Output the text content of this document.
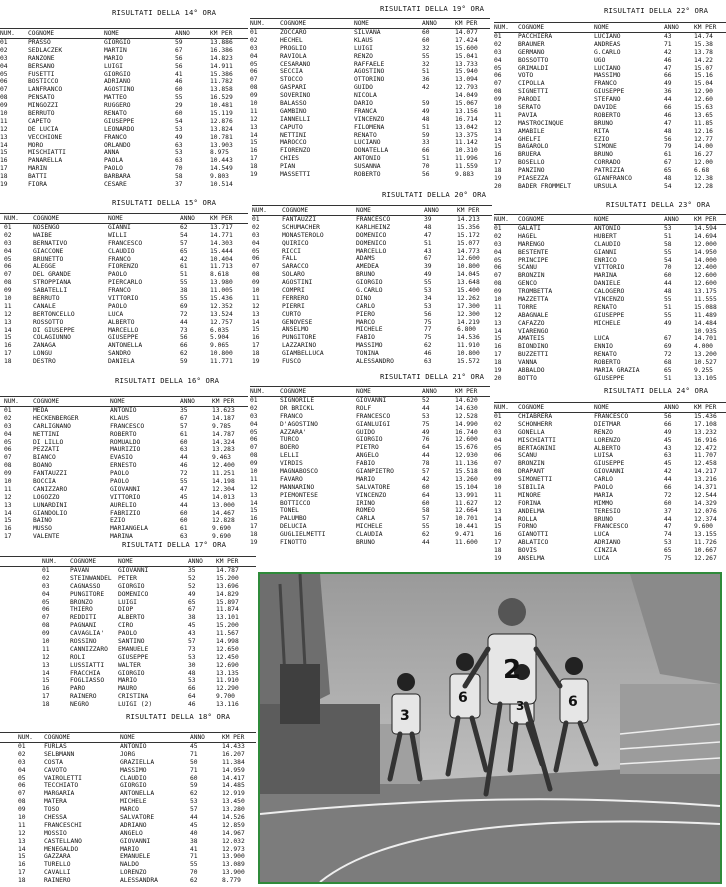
RISULTATI DELLA 14° ORA
NUM. COGNOME	NOME	ANNO	KM PER
01	PRASSO	GIORGIO	59	13.886
02	SEDLACZEK	MARTIN	67	16.386
03	RANZONE	MARIO	56	14.823
04	BERSANO	LUIGI	56	14.911
05	FUSETTI	GIORGIO	41	15.386
06	BOSTICCO	ADRIANO	46	11.782
07	LANFRANCO	AGOSTINO	60	13.858
08	PENSATO	MATTEO	55	16.529
09	MINGOZZI	RUGGERO	29	10.481
10	BERRUTO	RENATO	60	15.119
11	CAPETO	GIUSEPPE	54	12.876
12	DE LUCIA	LEONARDO	53	13.824
13	VECCHIONE	FRANCO	49	10.781
14	MORO	ORLANDO	63	13.903
15	MISCHIATTI	ANNA	53	8.975
16	PANARELLA	PAOLA	63	10.443
17	MARIN	PAOLO	70	14.549
18	BATTI	BARBARA	58	9.803
19	FIORA	CESARE	37	10.514
RISULTATI DELLA 15° ORA
NUM. COGNOME	NOME	ANNO KM PER
01	NOSENGO	GIANNI	62	13.717
02	WAIBE	WILLI	54	14.771
03	BERNATIVO	FRANCESCO	57	14.303
04	GIACCONE	CLAUDIO	65	15.444
05	BRUNETTO	FRANCO	42	10.404
06	ALEGGE	FIORENZO	61	11.713
07	DEL GRANDE	PAOLO	51	8.618
08	STROPPIANA	PIERCARLO	55	13.980
09	SABATELLI	FRANCO	38	11.005
10	BERRUTO	VITTORIO	55	15.436
11	CANALE	PAOLO	69	12.352
12	BERTONCELLO	LUCA	72	13.524
13	ROSSOTTO	ALBERTO	44	12.757
14	DI GIUSEPPE	MARCELLO	73	6.035
15	COLAGIUNNO	GIUSEPPE	56	5.904
16	ZANAGA	ANTONELLA	66	9.065
17	LONGU	SANDRO	62	10.800
18	DESTRO	DANIELA	59	11.771
RISULTATI DELLA 16° ORA
NUM. COGNOME	NOME	ANNO	KM PER
01	MEDA	ANTONIO	35	13.623
02	HECKENBERGER	KLAUS	67	14.187
03	CARLIGNANO	FRANCESCO	57	9.785
04	NETTINI	ROBERTO	61	14.787
05	DI LILLO	ROMUALDO	60	14.324
06	PEZZATI	MAURIZIO	63	13.283
07	BIANCO	EVASIO	44	9.463
08	BOANO	ERNESTO	46	12.400
09	FANTAUZZI	PAOLO	72	11.251
10	BOCCIA	PAOLO	55	14.198
11	CANIZZARO	GIOVANNI	47	12.304
12	LOGOZZO	VITTORIO	45	14.013
13	LUNARDINI	AURELIO	44	13.000
14	GIANDOLIO	FABRIZIO	60	14.467
15	BAINO	EZIO	60	12.828
16	MUSSO	MARIANGELA	61	9.690
17	VALENTE	MARINA	63	9.690
RISULTATI DELLA 17° ORA
NUM. COGNOME	NOME	ANNO KM PER
01	PAVAN	GIOVANNI	35	14.787
02	STEINWANDEL PETER	52	15.200
03	CAGNASSO	GIORGIO	52	13.696
04	PUNGITORE	DOMENICO	49	14.829
05	BRONZO	LUIGI	65	15.897
06	THIERO	DIOP	67	11.874
07	REDDITI	ALBERTO	38	13.101
08	PAGNANI	CIRO	45	15.200
09	CAVAGLIA'	PAOLO	43	11.567
10	ROSSINO	SANTINO	57	14.998
11	CANNIZZARO	EMANUELE	73	12.650
12	ROLI	GIUSEPPE	53	12.450
13	LUSSIATTI	WALTER	30	12.690
14	FRACCHIA	GIORGIO	48	13.135
15	FOGLIASSO	MARIO	53	11.910
16	PARO	MAURO	66	12.290
17	RAINERO	CRISTINA	64	9.700
18	NEGRO	LUIGI (2)	46	13.116
RISULTATI DELLA 18° ORA
NUM. COGNOME	NOME	ANNO	KM PER
01	FURLAS	ANTONIO	45	14.433
02	SELBMANN	JORG	71	16.207
03	COSTA	GRAZIELLA	50	11.384
04	CAVOTO	MASSIMO	71	14.959
05	VAIROLETTI	CLAUDIO	60	14.417
06	TECCHIATO	GIORGIO	59	14.485
07	MARGARIA	ANTONELLA	62	12.919
08	MATERA	MICHELE	53	13.450
09	TOSO	MARCO	57	13.280
10	CHESSA	SALVATORE	44	14.526
11	FRANCESCHI	ADRIANO	45	12.859
12	MOSSIO	ANGELO	40	14.967
13	CASTELLANO	GIOVANNI	38	12.032
14	MENEGALDO	MARIO	41	12.973
15	GAZZARA	EMANUELE	71	13.900
16	TURELLO	NALDO	55	13.089
17	CAVALLI	LORENZO	70	13.900
18	RAINERO	ALESSANDRA	62	8.779
RISULTATI DELLA 19° ORA
NUM. COGNOME	NOME	ANNO	KM PER
01	ZOCCARO	SILVANA	60	14.077
02	HECHEL	KLAUS	60	17.424
03	PROGLIO	LUIGI	32	15.600
04	RAVIOLA	RENZO	55	15.041
05	CESARANO	RAFFAELE	32	13.733
06	SECCIA	AGOSTINO	51	15.940
07	STOCCO	OTTORINO	36	13.094
08	GASPARI	GUIDO	42	12.793
09	SOVERINO	NICOLA	14.049
10	BALASSO	DARIO	59	15.067
11	GAMBINO	FRANCA	49	13.156
12	IANNELLI	VINCENZO	48	16.714
13	CAPUTO	FILOMENA	51	13.042
14	NETTINI	RENATO	59	13.375
15	MAROCCO	LUCIANO	33	11.142
16	FIORENZO	DONATELLA	66	10.310
17	CHIES	ANTONIO	51	11.996
18	PIAN	SUSANNA	70	11.559
19	MASSETTI	ROBERTO	56	9.883
RISULTATI DELLA 20° ORA
NUM. COGNOME	NOME	ANNO	KM PER
01	FANTAUZZI	FRANCESCO	39	14.213
02	SCHUMACHER	KARLHEINZ	48	15.356
03	MONASTEROLO	DOMENICO	47	15.172
04	QUIRICO	DOMENICO	51	15.077
05	RICCI	MARCELLO	43	14.773
06	FALL	ADAMS	67	12.600
07	SARACCO	AMEDEA	39	10.800
08	SOLARO	BRUNO	49	14.045
09	AGOSTINI	GIORGIO	55	13.648
10	COMPRI	G.CARLO	53	15.400
11	FERRERO	DINO	34	12.262
12	PIERRI	CARLO	53	17.300
13	CURTO	PIERO	56	12.300
14	GENOVESE	MARCO	75	14.219
15	ANSELMO	MICHELE	77	6.800
16	PUNGITORE	FABIO	75	14.536
17	LAZZARINO	MASSIMO	62	11.910
18	GIAMBELLUCA	TONINA	46	10.800
19	FUSCO	ALESSANDRO	63	15.572
RISULTATI DELLA 21° ORA
NUM. COGNOME	NOME	ANNO	KM PER
01	SIGNORILE	GIOVANNI	52	14.620
02	DR BRICKL	ROLF	44	14.630
03	FRANCO	FRANCESCO	53	12.528
04	D'AGOSTINO	GIANLUIGI	75	14.990
05	AZZARA'	GUIDO	49	16.740
06	TURCO	GIORGIO	76	12.600
07	BOERO	PIETRO	64	15.676
08	LELLI	ANGELO	44	12.930
09	VIRDIS	FABIO	78	11.136
10	MAGNABOSCO	GIANPIETRO	57	15.518
11	FAVARO	MARIO	42	13.260
12	MANNARINO	SALVATORE	60	15.104
13	PIEMONTESE	VINCENZO	64	13.991
14	BOTTICCO	IRINO	60	11.627
15	TONEL	ROMEO	58	12.664
16	PALUMBO	CARLA	57	10.701
17	DELUCIA	MICHELE	55	10.441
18	GUGLIELMETTI	CLAUDIA	62	9.471
19	FINOTTO	BRUNO	44	11.600
RISULTATI DELLA 22° ORA
NUM. COGNOME	NOME	ANNO KM PER
01	PACCHIERA	LUCIANO	43	14.74
02	BRAUNER	ANDREAS	71	15.38
03	GERMANO	G.CARLO	42	13.78
04	BOSSOTTO	UGO	46	14.22
05	GRIMALDI	LUCIANO	47	15.07
06	VOTO	MASSIMO	66	15.16
07	CIPOLLA	FRANCO	49	15.04
08	SIGNETTI	GIUSEPPE	36	12.90
09	PARODI	STEFANO	44	12.60
10	SERATO	DAVIDE	66	15.63
11	PAVIA	ROBERTO	46	13.65
12	MASTROCINQUE	BRUNO	47	11.85
13	AMABILE	RITA	48	12.16
14	GHELFI	EZIO	56	12.77
15	BAGAROLO	SIMONE	79	14.00
16	BRUERA	BRUNO	61	16.27
17	BOSELLO	CORRADO	67	12.00
18	PANZINO	PATRIZIA	65	6.68
19	PIASEZZA	GIANFRANCO	48	12.38
20	BADER FROMMELT	URSULA	54	12.28
RISULTATI DELLA 23° ORA
NUM. COGNOME	NOME	ANNO KM PER
01	GALATI	ANTONIO	53	14.594
02	HAGEL	HUBERT	51	14.694
03	MARENGO	CLAUDIO	58	12.000
04	BESTENTE	GIANNI	55	14.950
05	PRINCIPE	ENRICO	54	14.000
06	SCANU	VITTORIO	70	12.400
07	BRONZIN	MARINA	60	12.600
08	GENCO	DANIELE	44	12.600
09	TROMBETTA	CALOGERO	48	13.175
10	MAZZETTA	VINCENZO	55	11.555
11	TORRE	RENATO	51	15.088
12	ABAGNALE	GIUSEPPE	55	11.489
13	CAFAZZO	MICHELE	49	14.484
14	VIARENGO	10.935
15	AMATEIS	LUCA	67	14.701
16	BIONDINO	ENNIO	69	4.000
17	BUZZETTI	RENATO	72	13.200
18	VANNA	ROBERTO	68	10.527
19	ABBALDO	MARIA GRAZIA	65	9.255
20	BOTTO	GIUSEPPE	51	13.105
RISULTATI DELLA 24° ORA
NUM. COGNOME	NOME	ANNO KM PER
01	CHIABRERA	FRANCESCO	56	15.436
02	SCHONHERR	DIETMAR	66	17.108
03	GONELLA	RENZO	49	13.232
04	MISCHIATTI	LORENZO	45	16.916
05	BERTAGNINI	ALBERTO	43	12.472
06	SCANU	LUISA	63	11.707
07	BRONZIN	GIUSEPPE	45	12.458
08	DRAPANT	GIOVANNI	42	14.217
09	SIMONETTI	CARLO	44	13.216
10	SIBILIA	PAOLO	66	14.371
11	MINORE	MARIA	72	12.544
12	FORINA	MIMMO	60	14.329
13	ANDELMA	TERESIO	37	12.076
14	ROLLA	BRUNO	44	12.374
15	FORNO	FRANCESCO	47	9.600
16	GIANOTTI	LUCA	74	13.155
17	ABLATICO	ADRIANO	53	11.726
18	BOVIS	CINZIA	65	10.667
19	ANSELMA	LUCA	75	12.267
2
3
6	3	6
